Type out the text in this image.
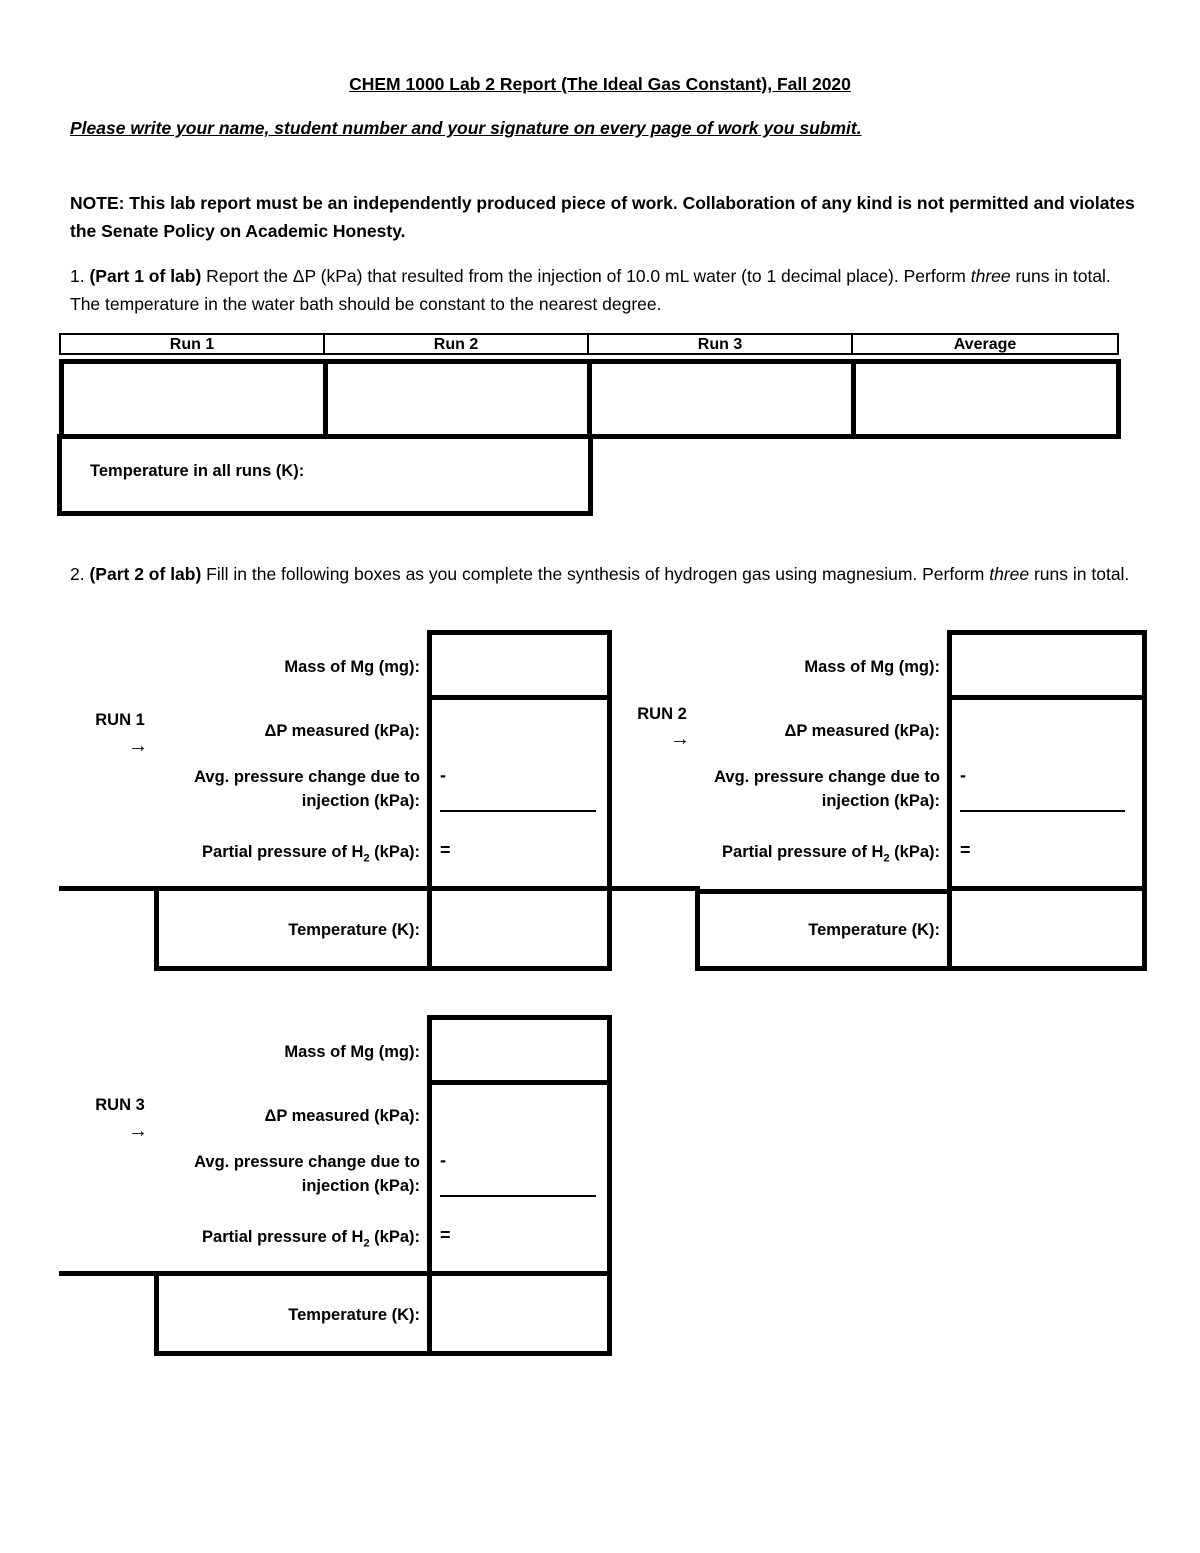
CHEM 1000 Lab 2 Report (The Ideal Gas Constant), Fall 2020
Please write your name, student number and your signature on every page of work you submit.
NOTE: This lab report must be an independently produced piece of work. Collaboration of any kind is not permitted and violates the Senate Policy on Academic Honesty.
1. (Part 1 of lab) Report the ΔP (kPa) that resulted from the injection of 10.0 mL water (to 1 decimal place). Perform three runs in total. The temperature in the water bath should be constant to the nearest degree.
Run 1	Run 2	Run 3	Average
Temperature in all runs (K):
2. (Part 2 of lab) Fill in the following boxes as you complete the synthesis of hydrogen gas using magnesium. Perform three runs in total.
RUN 1
→
Mass of Mg (mg):
ΔP measured (kPa):
Avg. pressure change due to
injection (kPa):
Partial pressure of $H_2$ (kPa):
-
=
Temperature (K):
RUN 2
→
Mass of Mg (mg):
ΔP measured (kPa):
Avg. pressure change due to
injection (kPa):
Partial pressure of $H_2$ (kPa):
-
=
Temperature (K):
RUN 3
→
Mass of Mg (mg):
ΔP measured (kPa):
Avg. pressure change due to
injection (kPa):
Partial pressure of $H_2$ (kPa):
-
=
Temperature (K):
